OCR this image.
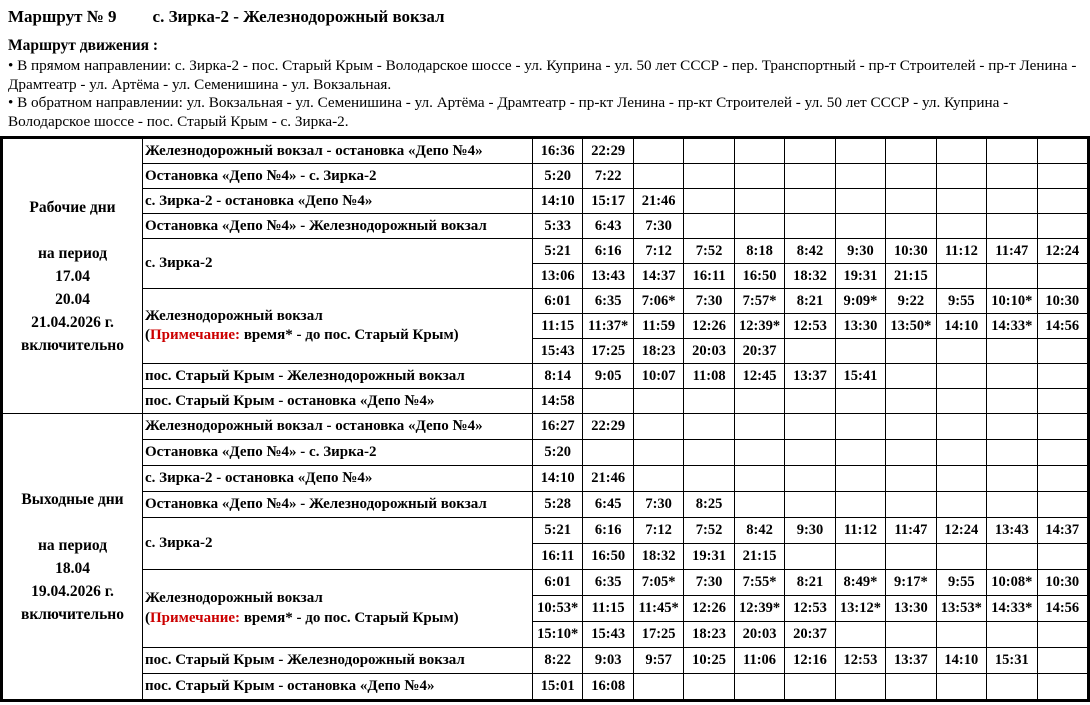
Маршрут № 9 с. Зирка-2 - Железнодорожный вокзал
Маршрут движения :
• В прямом направлении: с. Зирка-2 - пос. Старый Крым - Володарское шоссе - ул. Куприна - ул. 50 лет СССР - пер. Транспортный - пр-т Строителей - пр-т Ленина - Драмтеатр - ул. Артёма - ул. Семенишина - ул. Вокзальная.
• В обратном направлении: ул. Вокзальная - ул. Семенишина - ул. Артёма - Драмтеатр - пр-кт Ленина - пр-кт Строителей - ул. 50 лет СССР - ул. Куприна - Володарское шоссе - пос. Старый Крым - с. Зирка-2.
Рабочие дни

на период
17.04
20.04
21.04.2026 г.
включительно

Железнодорожный вокзал - остановка «Депо №4»	16:36	22:29									

	Остановка «Депо №4» - с. Зирка-2	5:20	7:22									

	с. Зирка-2 - остановка «Депо №4»	14:10	15:17	21:46								

	Остановка «Депо №4» - Железнодорожный вокзал	5:33	6:43	7:30								

	с. Зирка-2	5:21	6:16	7:12	7:52	8:18	8:42	9:30	10:30	11:12	11:47	12:24
		13:06	13:43	14:37	16:11	16:50	18:32	19:31	21:15			

	Железнодорожный вокзал
(Примечание: время* - до пос. Старый Крым)	6:01	6:35	7:06*	7:30	7:57*	8:21	9:09*	9:22	9:55	10:10*	10:30
		11:15	11:37*	11:59	12:26	12:39*	12:53	13:30	13:50*	14:10	14:33*	14:56
		15:43	17:25	18:23	20:03	20:37						

	пос. Старый Крым - Железнодорожный вокзал	8:14	9:05	10:07	11:08	12:45	13:37	15:41				

	пос. Старый Крым - остановка «Депо №4»	14:58										

Выходные дни

на период
18.04
19.04.2026 г.
включительно	Железнодорожный вокзал - остановка «Депо №4»	16:27	22:29									

	Остановка «Депо №4» - с. Зирка-2	5:20										

	с. Зирка-2 - остановка «Депо №4»	14:10	21:46									

	Остановка «Депо №4» - Железнодорожный вокзал	5:28	6:45	7:30	8:25							

	с. Зирка-2	5:21	6:16	7:12	7:52	8:42	9:30	11:12	11:47	12:24	13:43	14:37
		16:11	16:50	18:32	19:31	21:15						

	Железнодорожный вокзал
(Примечание: время* - до пос. Старый Крым)	6:01	6:35	7:05*	7:30	7:55*	8:21	8:49*	9:17*	9:55	10:08*	10:30
		10:53*	11:15	11:45*	12:26	12:39*	12:53	13:12*	13:30	13:53*	14:33*	14:56
		15:10*	15:43	17:25	18:23	20:03	20:37					

	пос. Старый Крым - Железнодорожный вокзал	8:22	9:03	9:57	10:25	11:06	12:16	12:53	13:37	14:10	15:31	

	пос. Старый Крым - остановка «Депо №4»	15:01	16:08									
